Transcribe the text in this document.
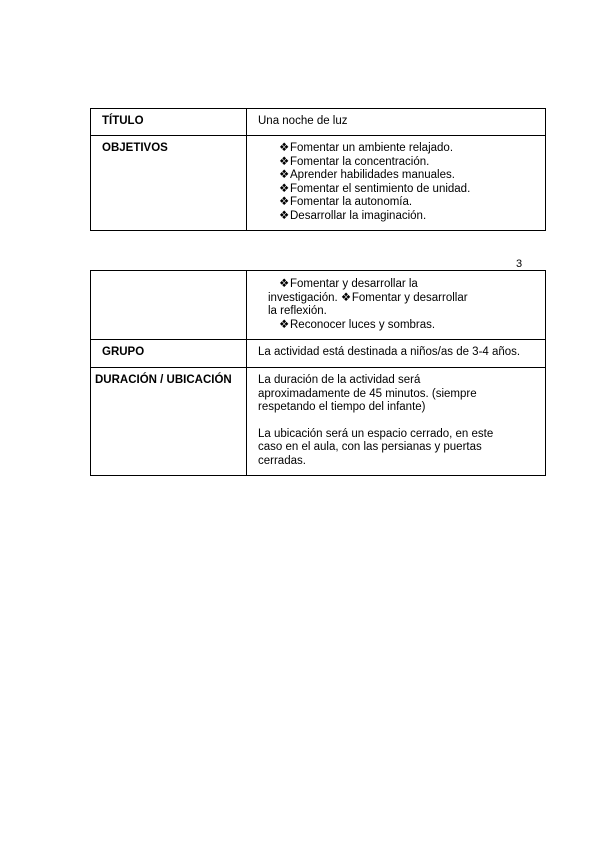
TÍTULO	Una noche de luz
OBJETIVOS	❖Fomentar un ambiente relajado.
❖Fomentar la concentración.
❖Aprender habilidades manuales.
❖Fomentar el sentimiento de unidad.
❖Fomentar la autonomía.
❖Desarrollar la imaginación.
3
❖Fomentar y desarrollar la
investigación. ❖Fomentar y desarrollar
la reflexión.
❖Reconocer luces y sombras.
GRUPO	La actividad está destinada a niños/as de 3-4 años.
DURACIÓN / UBICACIÓN	La duración de la actividad será
aproximadamente de 45 minutos. (siempre
respetando el tiempo del infante)

La ubicación será un espacio cerrado, en este
caso en el aula, con las persianas y puertas
cerradas.
